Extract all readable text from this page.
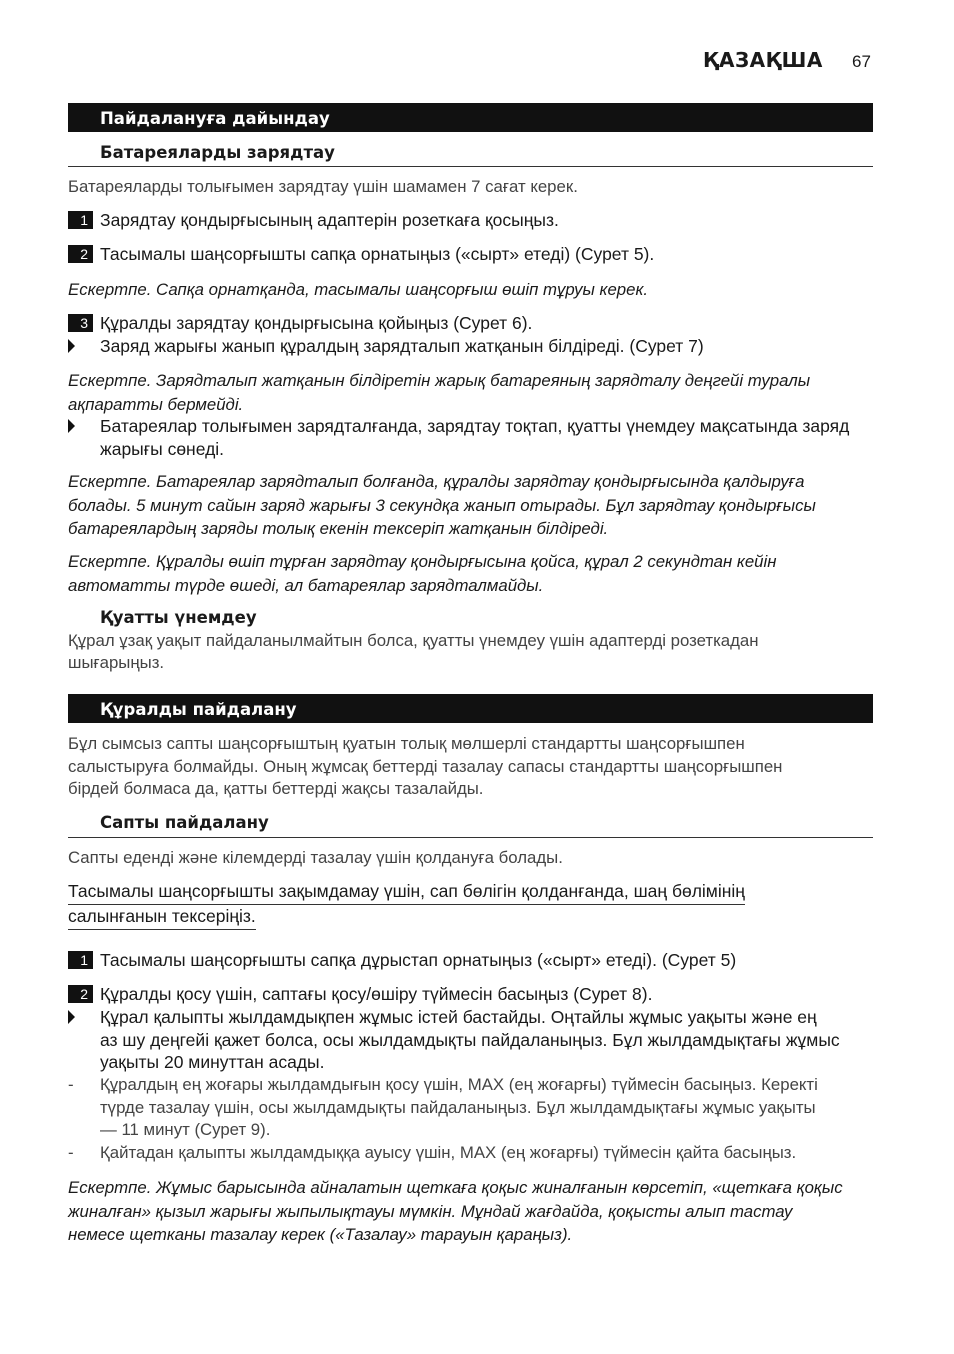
ҚАЗАҚША 67
Пайдалануға дайындау
Батареяларды зарядтау
Батареяларды толығымен зарядтау үшін шамамен 7 сағат керек.
1 Зарядтау қондырғысының адаптерін розеткаға қосыңыз.
2 Тасымалы шаңсорғышты сапқа орнатыңыз («сырт» етеді) (Сурет 5).
Ескертпе. Сапқа орнатқанда, тасымалы шаңсорғыш өшіп тұруы керек.
3 Құралды зарядтау қондырғысына қойыңыз (Сурет 6).
Заряд жарығы жанып құралдың зарядталып жатқанын білдіреді. (Сурет 7)
Ескертпе. Зарядталып жатқанын білдіретін жарық батареяның зарядталу деңгейі туралы
ақпаратты бермейді.
Батареялар толығымен зарядталғанда, зарядтау тоқтап, қуатты үнемдеу мақсатында заряд
жарығы сөнеді.
Ескертпе. Батареялар зарядталып болғанда, құралды зарядтау қондырғысында қалдыруға
болады. 5 минут сайын заряд жарығы 3 секундқа жанып отырады. Бұл зарядтау қондырғысы
батареялардың заряды толық екенін тексеріп жатқанын білдіреді.
Ескертпе. Құралды өшіп тұрған зарядтау қондырғысына қойса, құрал 2 секундтан кейін
автоматты түрде өшеді, ал батареялар зарядталмайды.
Қуатты үнемдеу
Құрал ұзақ уақыт пайдаланылмайтын болса, қуатты үнемдеу үшін адаптерді розеткадан
шығарыңыз.
Құралды пайдалану
Бұл сымсыз сапты шаңсорғыштың қуатын толық мөлшерлі стандартты шаңсорғышпен
салыстыруға болмайды. Оның жұмсақ беттерді тазалау сапасы стандартты шаңсорғышпен
бірдей болмаса да, қатты беттерді жақсы тазалайды.
Сапты пайдалану
Сапты еденді және кілемдерді тазалау үшін қолдануға болады.
Тасымалы шаңсорғышты зақымдамау үшін, сап бөлігін қолданғанда, шаң бөлімінің
салынғанын тексеріңіз.
1 Тасымалы шаңсорғышты сапқа дұрыстап орнатыңыз («сырт» етеді). (Сурет 5)
2 Құралды қосу үшін, саптағы қосу/өшіру түймесін басыңыз (Сурет 8).
Құрал қалыпты жылдамдықпен жұмыс істей бастайды. Оңтайлы жұмыс уақыты және ең
аз шу деңгейі қажет болса, осы жылдамдықты пайдаланыңыз. Бұл жылдамдықтағы жұмыс
уақыты 20 минуттан асады.
- Құралдың ең жоғары жылдамдығын қосу үшін, MAX (ең жоғарғы) түймесін басыңыз. Керекті
түрде тазалау үшін, осы жылдамдықты пайдаланыңыз. Бұл жылдамдықтағы жұмыс уақыты
— 11 минут (Сурет 9).
- Қайтадан қалыпты жылдамдыққа ауысу үшін, MAX (ең жоғарғы) түймесін қайта басыңыз.
Ескертпе. Жұмыс барысында айналатын щеткаға қоқыс жиналғанын көрсетіп, «щеткаға қоқыс
жиналған» қызыл жарығы жыпылықтауы мүмкін. Мұндай жағдайда, қоқысты алып тастау
немесе щетканы тазалау керек («Тазалау» тарауын қараңыз).
